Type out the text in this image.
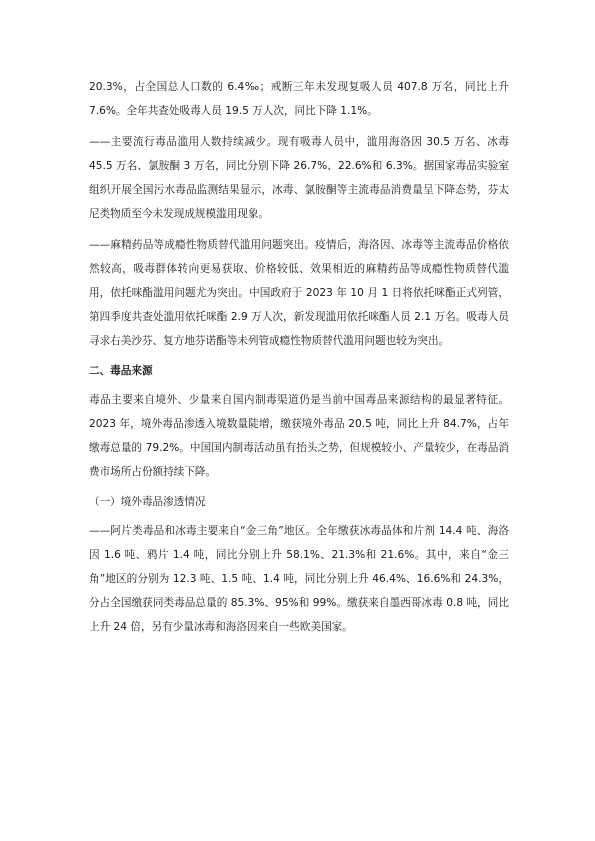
20.3%，占全国总人口数的 6.4‰；戒断三年未发现复吸人员 407.8 万名，同比上升 7.6%。全年共查处吸毒人员 19.5 万人次，同比下降 1.1%。

——主要流行毒品滥用人数持续减少。现有吸毒人员中，滥用海洛因 30.5 万名、冰毒 45.5 万名、氯胺酮 3 万名，同比分别下降 26.7%、22.6%和 6.3%。据国家毒品实验室组织开展全国污水毒品监测结果显示，冰毒、氯胺酮等主流毒品消费量呈下降态势，芬太尼类物质至今未发现成规模滥用现象。

——麻精药品等成瘾性物质替代滥用问题突出。疫情后，海洛因、冰毒等主流毒品价格依然较高，吸毒群体转向更易获取、价格较低、效果相近的麻精药品等成瘾性物质替代滥用，依托咪酯滥用问题尤为突出。中国政府于 2023 年 10 月 1 日将依托咪酯正式列管，第四季度共查处滥用依托咪酯 2.9 万人次，新发现滥用依托咪酯人员 2.1 万名。吸毒人员寻求右美沙芬、复方地芬诺酯等未列管成瘾性物质替代滥用问题也较为突出。

二、毒品来源

毒品主要来自境外、少量来自国内制毒渠道仍是当前中国毒品来源结构的最显著特征。2023 年，境外毒品渗透入境数量陡增，缴获境外毒品 20.5 吨，同比上升 84.7%，占年缴毒总量的 79.2%。中国国内制毒活动虽有抬头之势，但规模较小、产量较少，在毒品消费市场所占份额持续下降。

（一）境外毒品渗透情况

——阿片类毒品和冰毒主要来自“金三角”地区。全年缴获冰毒晶体和片剂 14.4 吨、海洛因 1.6 吨、鸦片 1.4 吨，同比分别上升 58.1%、21.3%和 21.6%。其中，来自“金三角”地区的分别为 12.3 吨、1.5 吨、1.4 吨，同比分别上升 46.4%、16.6%和 24.3%，分占全国缴获同类毒品总量的 85.3%、95%和 99%。缴获来自墨西哥冰毒 0.8 吨，同比上升 24 倍，另有少量冰毒和海洛因来自一些欧美国家。
